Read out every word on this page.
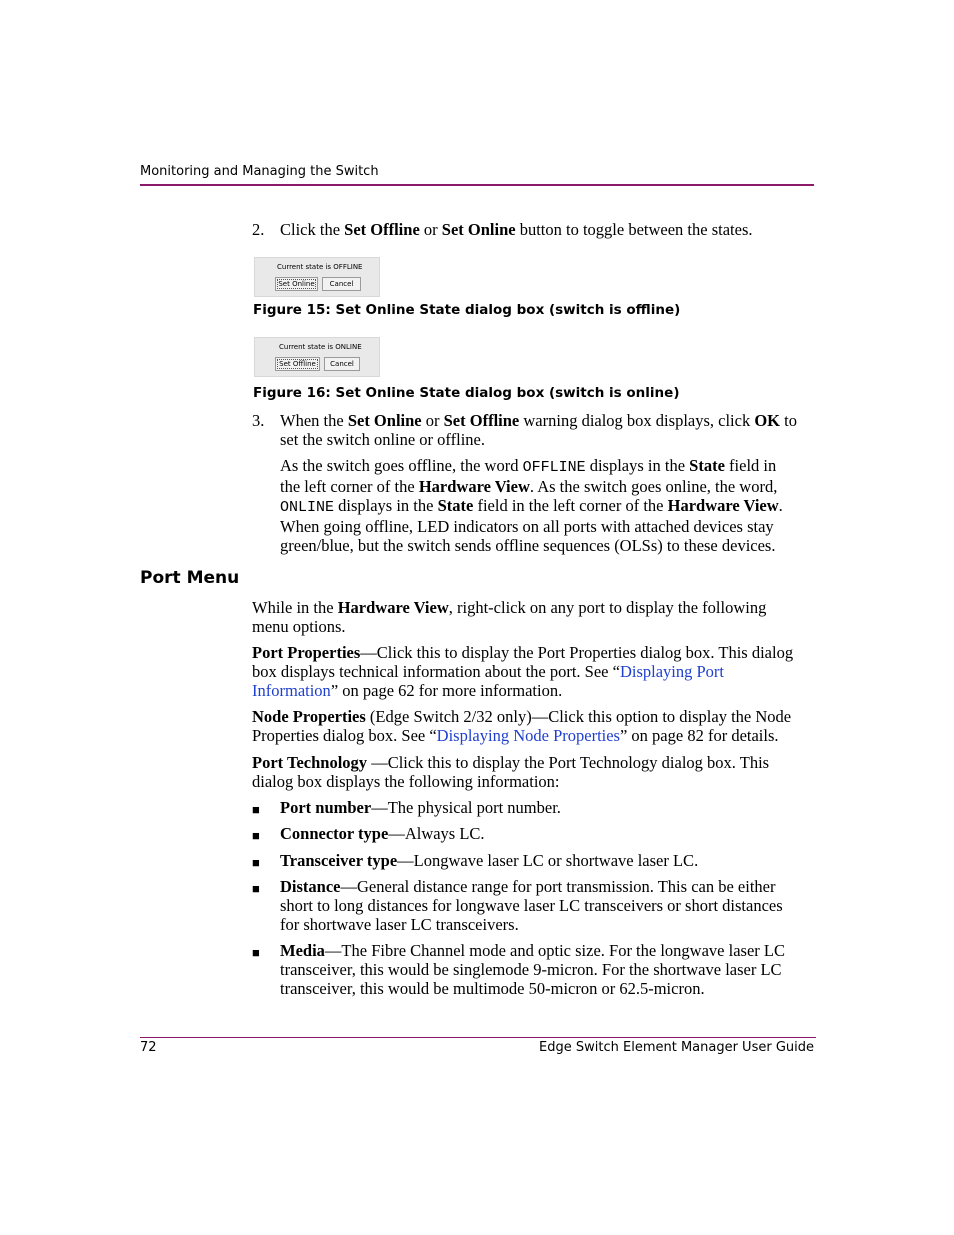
Monitoring and Managing the Switch
2. Click the Set Offline or Set Online button to toggle between the states.
Current state is OFFLINE
Set Online	Cancel
Figure 15: Set Online State dialog box (switch is offline)
Current state is ONLINE
Set Offline	Cancel
Figure 16: Set Online State dialog box (switch is online)
3. When the Set Online or Set Offline warning dialog box displays, click OK to
set the switch online or offline.
As the switch goes offline, the word OFFLINE displays in the State field in
the left corner of the Hardware View. As the switch goes online, the word,
ONLINE displays in the State field in the left corner of the Hardware View.
When going offline, LED indicators on all ports with attached devices stay
green/blue, but the switch sends offline sequences (OLSs) to these devices.
Port Menu
While in the Hardware View, right-click on any port to display the following
menu options.
Port Properties—Click this to display the Port Properties dialog box. This dialog
box displays technical information about the port. See “Displaying Port
Information” on page 62 for more information.
Node Properties (Edge Switch 2/32 only)—Click this option to display the Node
Properties dialog box. See “Displaying Node Properties” on page 82 for details.
Port Technology —Click this to display the Port Technology dialog box. This
dialog box displays the following information:
■ Port number—The physical port number.
■ Connector type—Always LC.
■ Transceiver type—Longwave laser LC or shortwave laser LC.
■ Distance—General distance range for port transmission. This can be either
short to long distances for longwave laser LC transceivers or short distances
for shortwave laser LC transceivers.
■ Media—The Fibre Channel mode and optic size. For the longwave laser LC
transceiver, this would be singlemode 9-micron. For the shortwave laser LC
transceiver, this would be multimode 50-micron or 62.5-micron.
72	Edge Switch Element Manager User Guide
